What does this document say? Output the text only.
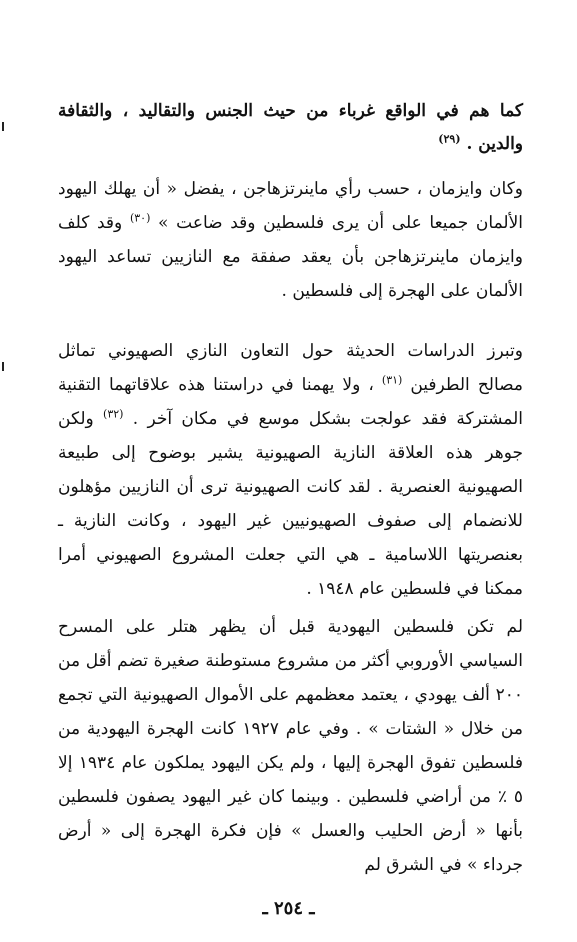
كما هم في الواقع غرباء من حيث الجنس والتقاليد ، والثقافة والدين . $^{(٢٩)}$

وكان وايزمان ، حسب رأي ماينرتزهاجن ، يفضل « أن يهلك اليهود الألمان جميعا على أن يرى فلسطين وقد ضاعت » $^{(٣٠)}$ وقد كلف وايزمان ماينرتزهاجن بأن يعقد صفقة مع النازيين تساعد اليهود الألمان على الهجرة إلى فلسطين .

وتبرز الدراسات الحديثة حول التعاون النازي الصهيوني تماثل مصالح الطرفين $^{(٣١)}$ ، ولا يهمنا في دراستنا هذه علاقاتهما التقنية المشتركة فقد عولجت بشكل موسع في مكان آخر . $^{(٣٢)}$ ولكن جوهر هذه العلاقة النازية الصهيونية يشير بوضوح إلى طبيعة الصهيونية العنصرية . لقد كانت الصهيونية ترى أن النازيين مؤهلون للانضمام إلى صفوف الصهيونيين غير اليهود ، وكانت النازية ـ بعنصريتها اللاسامية ـ هي التي جعلت المشروع الصهيوني أمرا ممكنا في فلسطين عام ١٩٤٨ .

لم تكن فلسطين اليهودية قبل أن يظهر هتلر على المسرح السياسي الأوروبي أكثر من مشروع مستوطنة صغيرة تضم أقل من ٢٠٠ ألف يهودي ، يعتمد معظمهم على الأموال الصهيونية التي تجمع من خلال « الشتات » . وفي عام ١٩٢٧ كانت الهجرة اليهودية من فلسطين تفوق الهجرة إليها ، ولم يكن اليهود يملكون عام ١٩٣٤ إلا ٥ ٪ من أراضي فلسطين . وبينما كان غير اليهود يصفون فلسطين بأنها « أرض الحليب والعسل » فإن فكرة الهجرة إلى « أرض جرداء » في الشرق لم

ـ ٢٥٤ ـ
